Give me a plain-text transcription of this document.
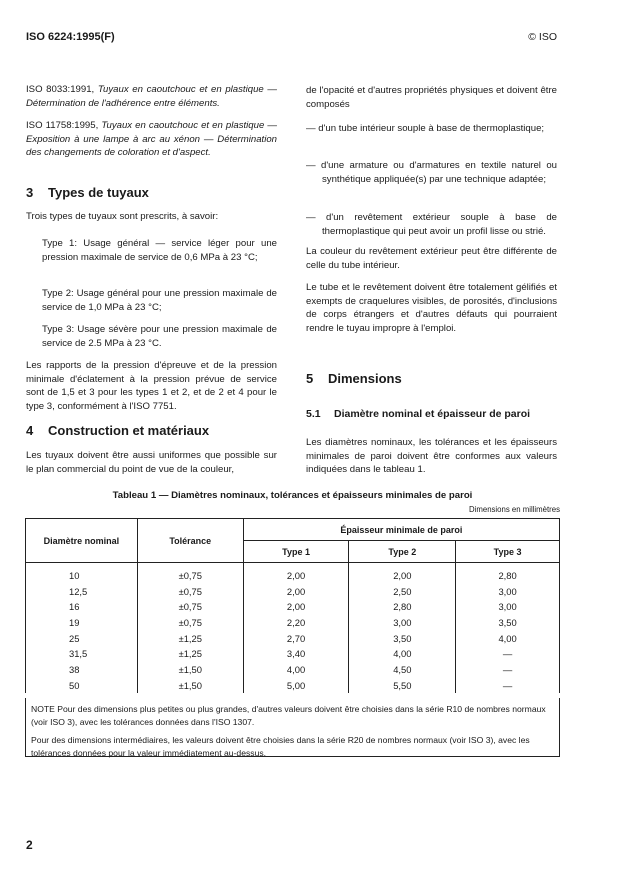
ISO 6224:1995(F)	© ISO
ISO 8033:1991, Tuyaux en caoutchouc et en plastique — Détermination de l'adhérence entre éléments.
ISO 11758:1995, Tuyaux en caoutchouc et en plastique — Exposition à une lampe à arc au xénon — Détermination des changements de coloration et d'aspect.
3 Types de tuyaux
Trois types de tuyaux sont prescrits, à savoir:
Type 1: Usage général — service léger pour une pression maximale de service de 0,6 MPa à 23 °C;
Type 2: Usage général pour une pression maximale de service de 1,0 MPa à 23 °C;
Type 3: Usage sévère pour une pression maximale de service de 2.5 MPa à 23 °C.
Les rapports de la pression d'épreuve et de la pression minimale d'éclatement à la pression prévue de service sont de 1,5 et 3 pour les types 1 et 2, et de 2 et 4 pour le type 3, conformément à l'ISO 7751.
4 Construction et matériaux
Les tuyaux doivent être aussi uniformes que possible sur le plan commercial du point de vue de la couleur,
de l'opacité et d'autres propriétés physiques et doivent être composés
— d'un tube intérieur souple à base de thermoplastique;
— d'une armature ou d'armatures en textile naturel ou synthétique appliquée(s) par une technique adaptée;
— d'un revêtement extérieur souple à base de thermoplastique qui peut avoir un profil lisse ou strié.
La couleur du revêtement extérieur peut être différente de celle du tube intérieur.
Le tube et le revêtement doivent être totalement gélifiés et exempts de craquelures visibles, de porosités, d'inclusions de corps étrangers et d'autres défauts qui pourraient rendre le tuyau impropre à l'emploi.
5 Dimensions
5.1 Diamètre nominal et épaisseur de paroi
Les diamètres nominaux, les tolérances et les épaisseurs minimales de paroi doivent être conformes aux valeurs indiquées dans le tableau 1.
Tableau 1 — Diamètres nominaux, tolérances et épaisseurs minimales de paroi
Dimensions en millimètres
Diamètre nominal	Tolérance	Épaisseur minimale de paroi		
		Type 1	Type 2	Type 3

10	±0,75	2,00	2,00	2,80
12,5	±0,75	2,00	2,50	3,00
16	±0,75	2,00	2,80	3,00
19	±0,75	2,20	3,00	3,50
25	±1,25	2,70	3,50	4,00
31,5	±1,25	3,40	4,00	—
38	±1,50	4,00	4,50	—
50	±1,50	5,00	5,50	—
NOTE Pour des dimensions plus petites ou plus grandes, d'autres valeurs doivent être choisies dans la série R10 de nombres normaux (voir ISO 3), avec les tolérances données dans l'ISO 1307.
Pour des dimensions intermédiaires, les valeurs doivent être choisies dans la série R20 de nombres normaux (voir ISO 3), avec les tolérances données pour la valeur immédiatement au-dessus.
2
